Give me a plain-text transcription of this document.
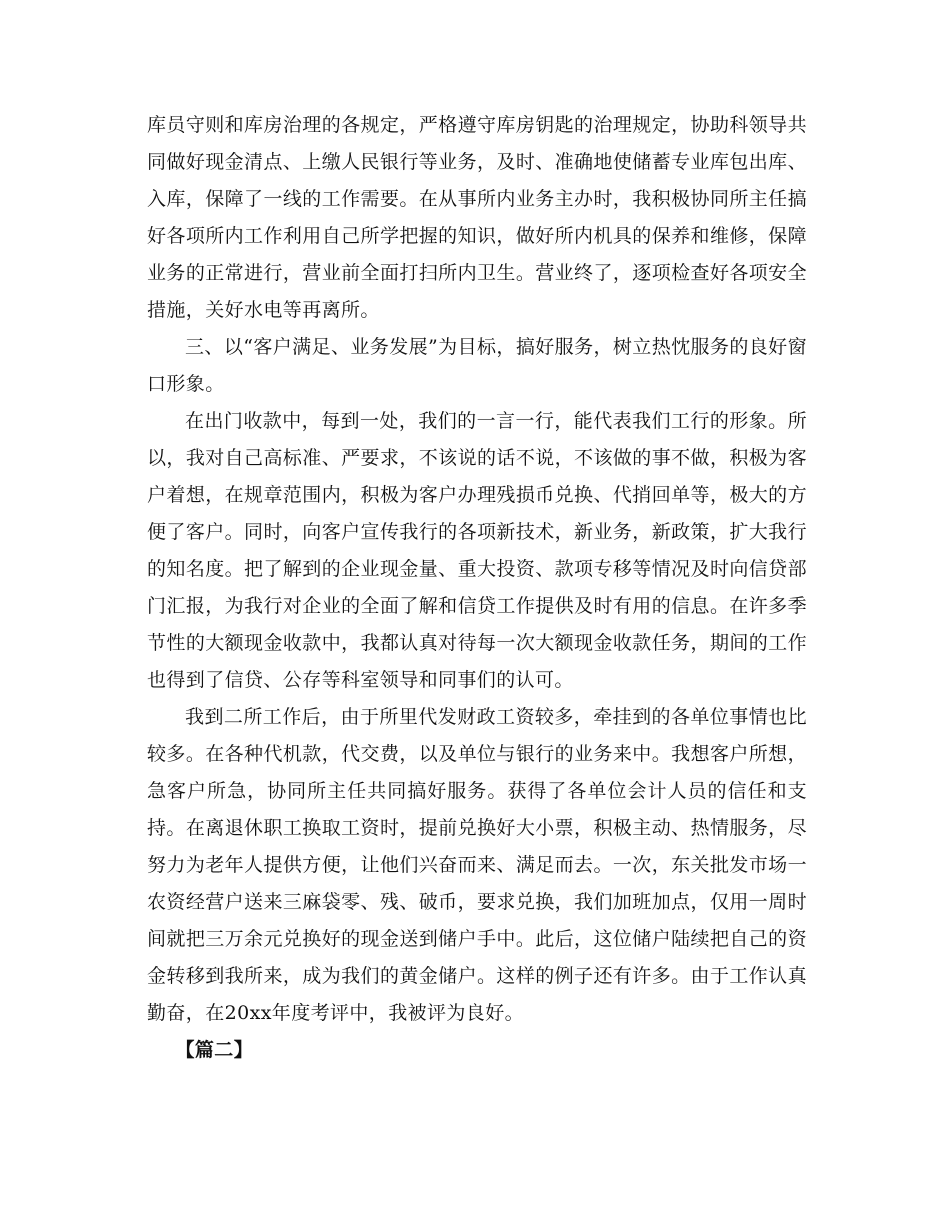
库员守则和库房治理的各规定，严格遵守库房钥匙的治理规定，协助科领导共同做好现金清点、上缴人民银行等业务，及时、准确地使储蓄专业库包出库、入库，保障了一线的工作需要。在从事所内业务主办时，我积极协同所主任搞好各项所内工作利用自己所学把握的知识，做好所内机具的保养和维修，保障业务的正常进行，营业前全面打扫所内卫生。营业终了，逐项检查好各项安全措施，关好水电等再离所。

三、以“客户满足、业务发展”为目标，搞好服务，树立热忱服务的良好窗口形象。

在出门收款中，每到一处，我们的一言一行，能代表我们工行的形象。所以，我对自己高标准、严要求，不该说的话不说，不该做的事不做，积极为客户着想，在规章范围内，积极为客户办理残损币兑换、代捎回单等，极大的方便了客户。同时，向客户宣传我行的各项新技术，新业务，新政策，扩大我行的知名度。把了解到的企业现金量、重大投资、款项专移等情况及时向信贷部门汇报，为我行对企业的全面了解和信贷工作提供及时有用的信息。在许多季节性的大额现金收款中，我都认真对待每一次大额现金收款任务，期间的工作也得到了信贷、公存等科室领导和同事们的认可。

我到二所工作后，由于所里代发财政工资较多，牵挂到的各单位事情也比较多。在各种代机款，代交费，以及单位与银行的业务来中。我想客户所想，急客户所急，协同所主任共同搞好服务。获得了各单位会计人员的信任和支持。在离退休职工换取工资时，提前兑换好大小票，积极主动、热情服务，尽努力为老年人提供方便，让他们兴奋而来、满足而去。一次，东关批发市场一农资经营户送来三麻袋零、残、破币，要求兑换，我们加班加点，仅用一周时间就把三万余元兑换好的现金送到储户手中。此后，这位储户陆续把自己的资金转移到我所来，成为我们的黄金储户。这样的例子还有许多。由于工作认真勤奋，在20xx年度考评中，我被评为良好。

【篇二】
